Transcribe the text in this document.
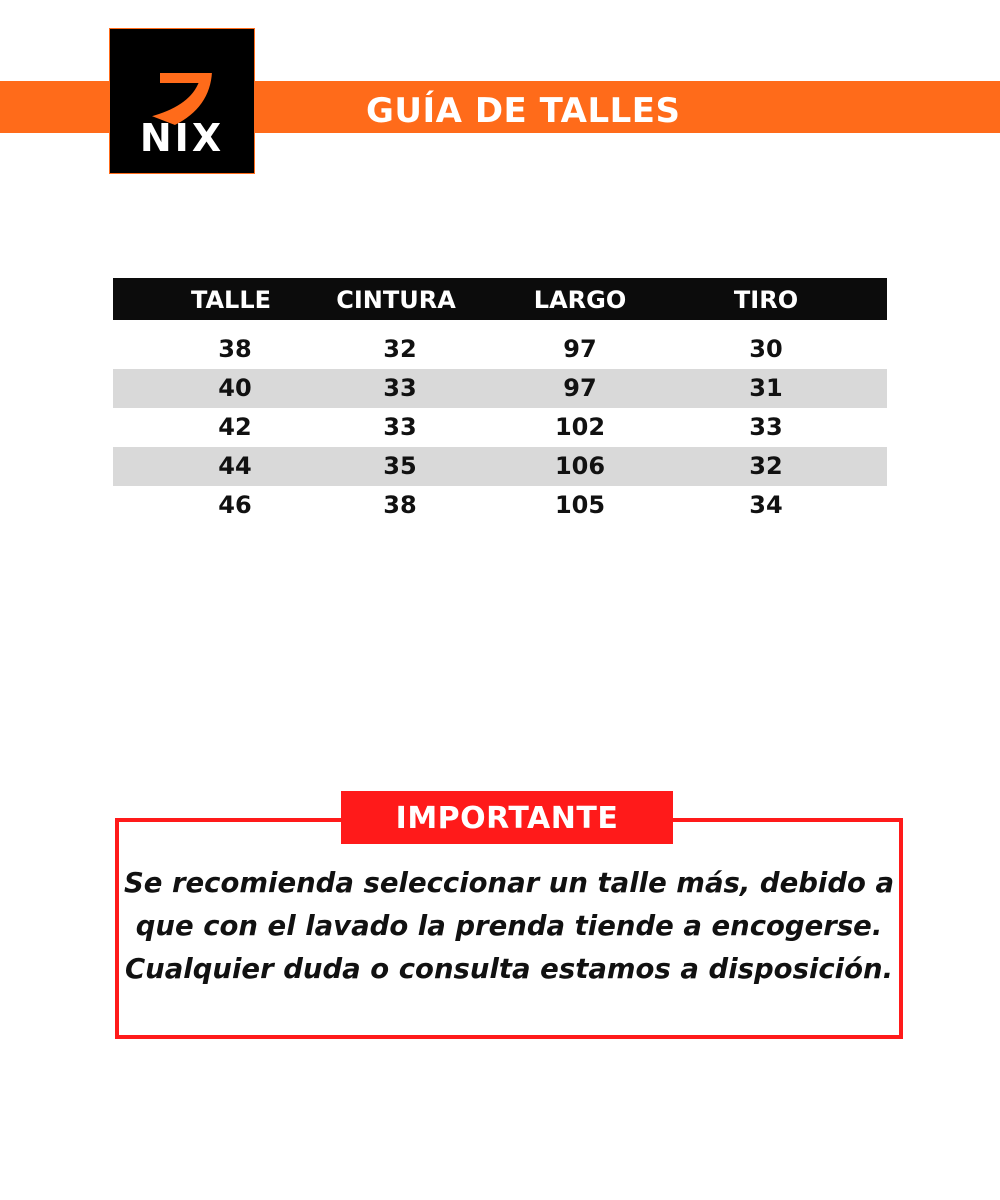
NIX
GUÍA DE TALLES
TALLE	CINTURA	LARGO	TIRO
38	32	97	30
40	33	97	31
42	33	102	33
44	35	106	32
46	38	105	34
IMPORTANTE
Se recomienda seleccionar un talle más, debido a
que con el lavado la prenda tiende a encogerse.
Cualquier duda o consulta estamos a disposición.
